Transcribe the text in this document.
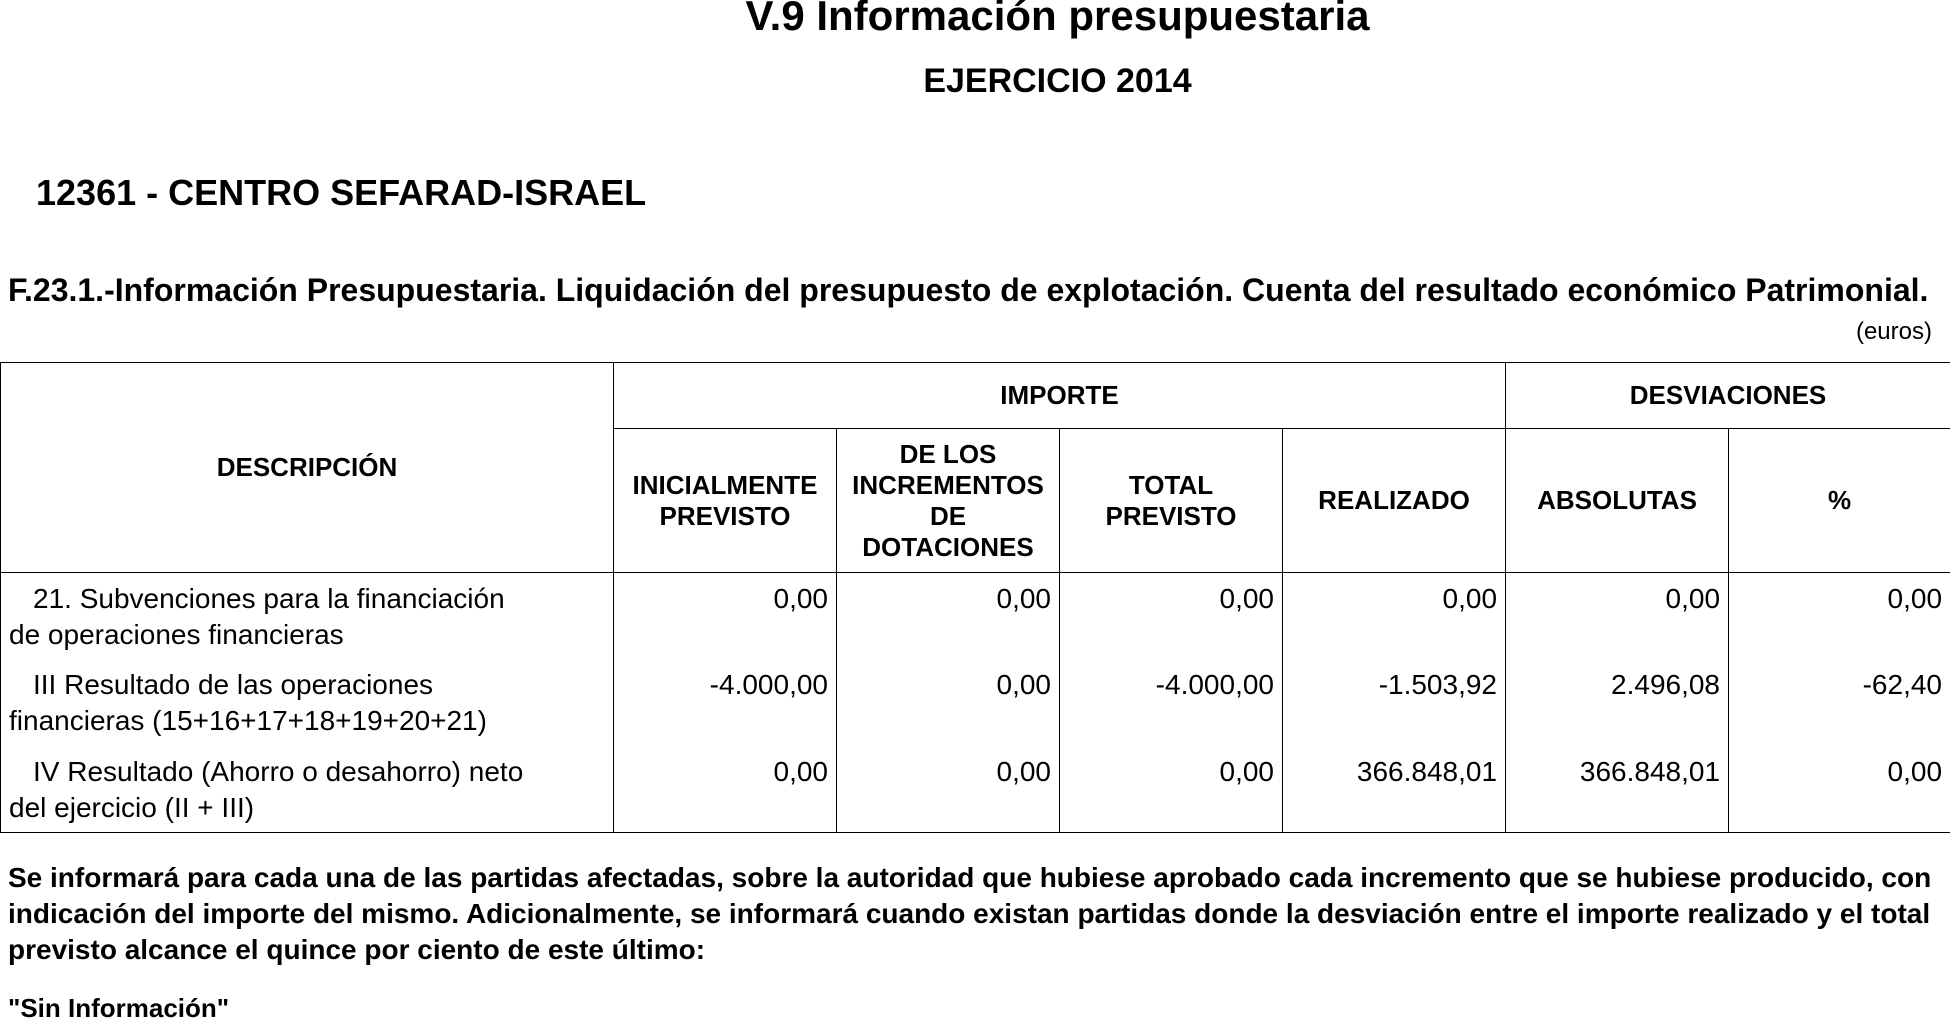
V.9 Información presupuestaria
EJERCICIO 2014
12361 - CENTRO SEFARAD-ISRAEL
F.23.1.-Información Presupuestaria. Liquidación del presupuesto de explotación. Cuenta del resultado económico Patrimonial.
(euros)
DESCRIPCIÓN	IMPORTE				DESVIACIONES	
	INICIALMENTE PREVISTO	DE LOS INCREMENTOS DE DOTACIONES	TOTAL PREVISTO	REALIZADO	ABSOLUTAS	%
21. Subvenciones para la financiación
de operaciones financieras	0,00	0,00	0,00	0,00	0,00	0,00
III Resultado de las operaciones
financieras (15+16+17+18+19+20+21)	-4.000,00	0,00	-4.000,00	-1.503,92	2.496,08	-62,40
IV Resultado (Ahorro o desahorro) neto
del ejercicio (II + III)	0,00	0,00	0,00	366.848,01	366.848,01	0,00
Se informará para cada una de las partidas afectadas, sobre la autoridad que hubiese aprobado cada incremento que se hubiese producido, con indicación del importe del mismo. Adicionalmente, se informará cuando existan partidas donde la desviación entre el importe realizado y el total previsto alcance el quince por ciento de este último:
"Sin Información"
